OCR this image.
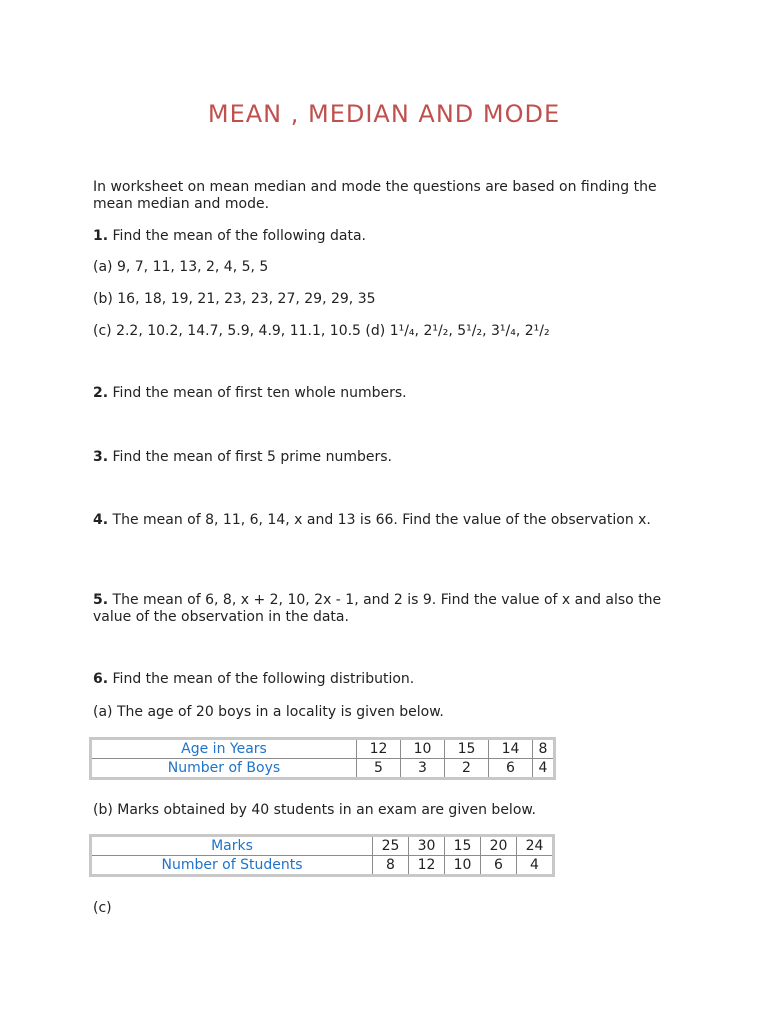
MEAN , MEDIAN AND MODE

In worksheet on mean median and mode the questions are based on finding the mean median and mode.

1. Find the mean of the following data.

(a) 9, 7, 11, 13, 2, 4, 5, 5

(b) 16, 18, 19, 21, 23, 23, 27, 29, 29, 35

(c) 2.2, 10.2, 14.7, 5.9, 4.9, 11.1, 10.5 (d) 1¹/₄, 2¹/₂, 5¹/₂, 3¹/₄, 2¹/₂

2. Find the mean of first ten whole numbers.

3. Find the mean of first 5 prime numbers.

4. The mean of 8, 11, 6, 14, x and 13 is 66. Find the value of the observation x.

5. The mean of 6, 8, x + 2, 10, 2x - 1, and 2 is 9. Find the value of x and also the value of the observation in the data.

6. Find the mean of the following distribution.

(a) The age of 20 boys in a locality is given below.

Age in Years	12	10	15	14	8
Number of Boys	5	3	2	6	4

(b) Marks obtained by 40 students in an exam are given below.

Marks	25	30	15	20	24
Number of Students	8	12	10	6	4

(c)
